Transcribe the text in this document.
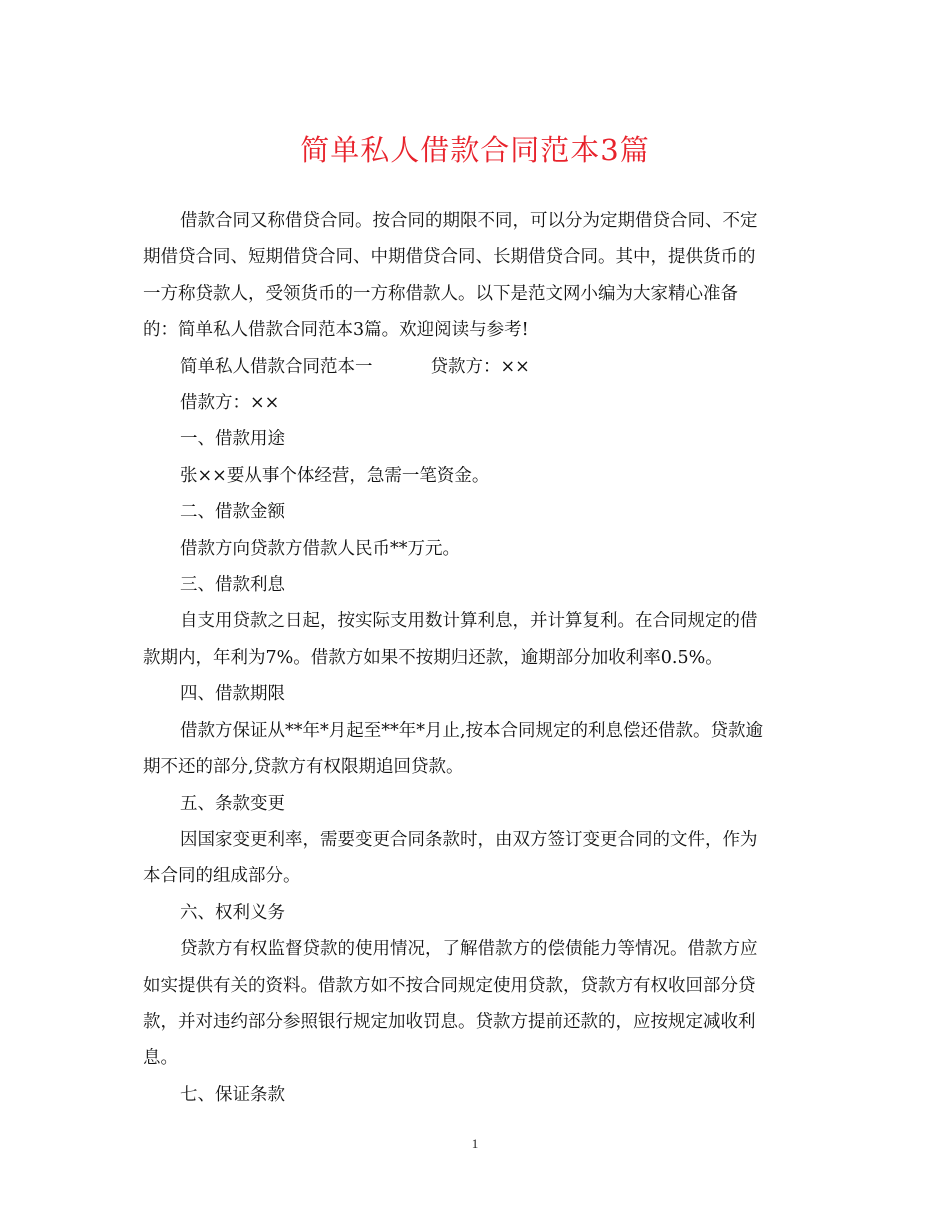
简单私人借款合同范本3篇

借款合同又称借贷合同。按合同的期限不同，可以分为定期借贷合同、不定

期借贷合同、短期借贷合同、中期借贷合同、长期借贷合同。其中，提供货币的

一方称贷款人，受领货币的一方称借款人。以下是范文网小编为大家精心准备

的：简单私人借款合同范本3篇。欢迎阅读与参考!

简单私人借款合同范本一	贷款方：××

借款方：××

一、借款用途

张××要从事个体经营，急需一笔资金。

二、借款金额

借款方向贷款方借款人民币**万元。

三、借款利息

自支用贷款之日起，按实际支用数计算利息，并计算复利。在合同规定的借

款期内，年利为7%。借款方如果不按期归还款，逾期部分加收利率0.5%。

四、借款期限

借款方保证从**年*月起至**年*月止,按本合同规定的利息偿还借款。贷款逾

期不还的部分,贷款方有权限期追回贷款。

五、条款变更

因国家变更利率，需要变更合同条款时，由双方签订变更合同的文件，作为

本合同的组成部分。

六、权利义务

贷款方有权监督贷款的使用情况，了解借款方的偿债能力等情况。借款方应

如实提供有关的资料。借款方如不按合同规定使用贷款，贷款方有权收回部分贷

款，并对违约部分参照银行规定加收罚息。贷款方提前还款的，应按规定减收利

息。

七、保证条款

1
